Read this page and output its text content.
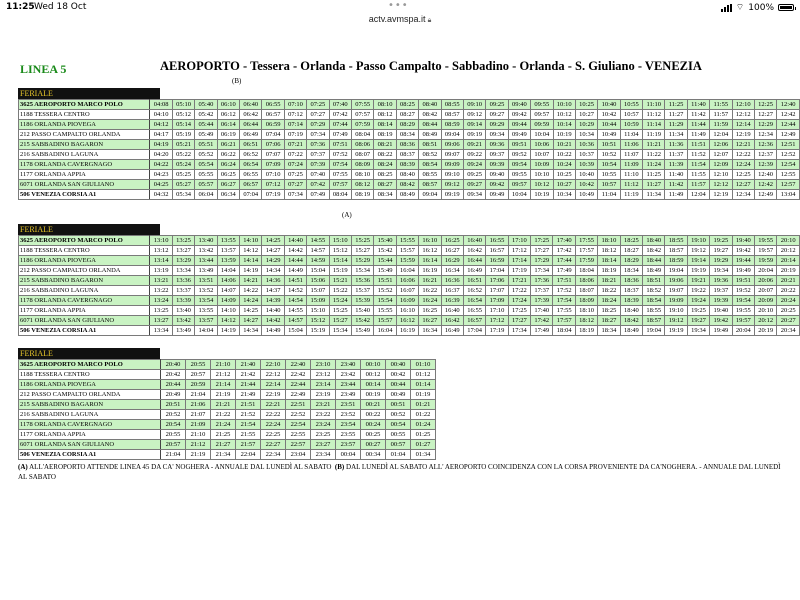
11:25 Wed 18 Oct	•••	⌔ 100%
actv.avmspa.it 🔒︎
LINEA 5	AEROPORTO - Tessera - Orlanda - Passo Campalto - Sabbadino - Orlanda - S. Giuliano - VENEZIA
(B)
(A)
FERIALE
3625 AEROPORTO MARCO POLO	04:08	05:10	05:40	06:10	06:40	06:55	07:10	07:25	07:40	07:55	08:10	08:25	08:40	08:55	09:10	09:25	09:40	09:55	10:10	10:25	10:40	10:55	11:10	11:25	11:40	11:55	12:10	12:25	12:40
1188 TESSERA CENTRO	04:10	05:12	05:42	06:12	06:42	06:57	07:12	07:27	07:42	07:57	08:12	08:27	08:42	08:57	09:12	09:27	09:42	09:57	10:12	10:27	10:42	10:57	11:12	11:27	11:42	11:57	12:12	12:27	12:42
1186 ORLANDA PIOVEGA	04:12	05:14	05:44	06:14	06:44	06:59	07:14	07:29	07:44	07:59	08:14	08:29	08:44	08:59	09:14	09:29	09:44	09:59	10:14	10:29	10:44	10:59	11:14	11:29	11:44	11:59	12:14	12:29	12:44
212 PASSO CAMPALTO ORLANDA	04:17	05:19	05:49	06:19	06:49	07:04	07:19	07:34	07:49	08:04	08:19	08:34	08:49	09:04	09:19	09:34	09:49	10:04	10:19	10:34	10:49	11:04	11:19	11:34	11:49	12:04	12:19	12:34	12:49
215 SABBADINO BAGARON	04:19	05:21	05:51	06:21	06:51	07:06	07:21	07:36	07:51	08:06	08:21	08:36	08:51	09:06	09:21	09:36	09:51	10:06	10:21	10:36	10:51	11:06	11:21	11:36	11:51	12:06	12:21	12:36	12:51
216 SABBADINO LAGUNA	04:20	05:22	05:52	06:22	06:52	07:07	07:22	07:37	07:52	08:07	08:22	08:37	08:52	09:07	09:22	09:37	09:52	10:07	10:22	10:37	10:52	11:07	11:22	11:37	11:52	12:07	12:22	12:37	12:52
1178 ORLANDA CAVERGNAGO	04:22	05:24	05:54	06:24	06:54	07:09	07:24	07:39	07:54	08:09	08:24	08:39	08:54	09:09	09:24	09:39	09:54	10:09	10:24	10:39	10:54	11:09	11:24	11:39	11:54	12:09	12:24	12:39	12:54
1177 ORLANDA APPIA	04:23	05:25	05:55	06:25	06:55	07:10	07:25	07:40	07:55	08:10	08:25	08:40	08:55	09:10	09:25	09:40	09:55	10:10	10:25	10:40	10:55	11:10	11:25	11:40	11:55	12:10	12:25	12:40	12:55
6071 ORLANDA SAN GIULIANO	04:25	05:27	05:57	06:27	06:57	07:12	07:27	07:42	07:57	08:12	08:27	08:42	08:57	09:12	09:27	09:42	09:57	10:12	10:27	10:42	10:57	11:12	11:27	11:42	11:57	12:12	12:27	12:42	12:57
506 VENEZIA CORSIA A1	04:32	05:34	06:04	06:34	07:04	07:19	07:34	07:49	08:04	08:19	08:34	08:49	09:04	09:19	09:34	09:49	10:04	10:19	10:34	10:49	11:04	11:19	11:34	11:49	12:04	12:19	12:34	12:49	13:04
FERIALE
3625 AEROPORTO MARCO POLO	13:10	13:25	13:40	13:55	14:10	14:25	14:40	14:55	15:10	15:25	15:40	15:55	16:10	16:25	16:40	16:55	17:10	17:25	17:40	17:55	18:10	18:25	18:40	18:55	19:10	19:25	19:40	19:55	20:10
1188 TESSERA CENTRO	13:12	13:27	13:42	13:57	14:12	14:27	14:42	14:57	15:12	15:27	15:42	15:57	16:12	16:27	16:42	16:57	17:12	17:27	17:42	17:57	18:12	18:27	18:42	18:57	19:12	19:27	19:42	19:57	20:12
1186 ORLANDA PIOVEGA	13:14	13:29	13:44	13:59	14:14	14:29	14:44	14:59	15:14	15:29	15:44	15:59	16:14	16:29	16:44	16:59	17:14	17:29	17:44	17:59	18:14	18:29	18:44	18:59	19:14	19:29	19:44	19:59	20:14
212 PASSO CAMPALTO ORLANDA	13:19	13:34	13:49	14:04	14:19	14:34	14:49	15:04	15:19	15:34	15:49	16:04	16:19	16:34	16:49	17:04	17:19	17:34	17:49	18:04	18:19	18:34	18:49	19:04	19:19	19:34	19:49	20:04	20:19
215 SABBADINO BAGARON	13:21	13:36	13:51	14:06	14:21	14:36	14:51	15:06	15:21	15:36	15:51	16:06	16:21	16:36	16:51	17:06	17:21	17:36	17:51	18:06	18:21	18:36	18:51	19:06	19:21	19:36	19:51	20:06	20:21
216 SABBADINO LAGUNA	13:22	13:37	13:52	14:07	14:22	14:37	14:52	15:07	15:22	15:37	15:52	16:07	16:22	16:37	16:52	17:07	17:22	17:37	17:52	18:07	18:22	18:37	18:52	19:07	19:22	19:37	19:52	20:07	20:22
1178 ORLANDA CAVERGNAGO	13:24	13:39	13:54	14:09	14:24	14:39	14:54	15:09	15:24	15:39	15:54	16:09	16:24	16:39	16:54	17:09	17:24	17:39	17:54	18:09	18:24	18:39	18:54	19:09	19:24	19:39	19:54	20:09	20:24
1177 ORLANDA APPIA	13:25	13:40	13:55	14:10	14:25	14:40	14:55	15:10	15:25	15:40	15:55	16:10	16:25	16:40	16:55	17:10	17:25	17:40	17:55	18:10	18:25	18:40	18:55	19:10	19:25	19:40	19:55	20:10	20:25
6071 ORLANDA SAN GIULIANO	13:27	13:42	13:57	14:12	14:27	14:42	14:57	15:12	15:27	15:42	15:57	16:12	16:27	16:42	16:57	17:12	17:27	17:42	17:57	18:12	18:27	18:42	18:57	19:12	19:27	19:42	19:57	20:12	20:27
506 VENEZIA CORSIA A1	13:34	13:49	14:04	14:19	14:34	14:49	15:04	15:19	15:34	15:49	16:04	16:19	16:34	16:49	17:04	17:19	17:34	17:49	18:04	18:19	18:34	18:49	19:04	19:19	19:34	19:49	20:04	20:19	20:34
FERIALE
3625 AEROPORTO MARCO POLO	20:40	20:55	21:10	21:40	22:10	22:40	23:10	23:40	00:10	00:40	01:10
1188 TESSERA CENTRO	20:42	20:57	21:12	21:42	22:12	22:42	23:12	23:42	00:12	00:42	01:12
1186 ORLANDA PIOVEGA	20:44	20:59	21:14	21:44	22:14	22:44	23:14	23:44	00:14	00:44	01:14
212 PASSO CAMPALTO ORLANDA	20:49	21:04	21:19	21:49	22:19	22:49	23:19	23:49	00:19	00:49	01:19
215 SABBADINO BAGARON	20:51	21:06	21:21	21:51	22:21	22:51	23:21	23:51	00:21	00:51	01:21
216 SABBADINO LAGUNA	20:52	21:07	21:22	21:52	22:22	22:52	23:22	23:52	00:22	00:52	01:22
1178 ORLANDA CAVERGNAGO	20:54	21:09	21:24	21:54	22:24	22:54	23:24	23:54	00:24	00:54	01:24
1177 ORLANDA APPIA	20:55	21:10	21:25	21:55	22:25	22:55	23:25	23:55	00:25	00:55	01:25
6071 ORLANDA SAN GIULIANO	20:57	21:12	21:27	21:57	22:27	22:57	23:27	23:57	00:27	00:57	01:27
506 VENEZIA CORSIA A1	21:04	21:19	21:34	22:04	22:34	23:04	23:34	00:04	00:34	01:04	01:34
(A) ALL'AEROPORTO ATTENDE LINEA 45 DA CA' NOGHERA - ANNUALE DAL LUNEDÌ AL SABATO (B) DAL LUNEDÌ AL SABATO ALL' AEROPORTO COINCIDENZA CON LA CORSA PROVENIENTE DA CA'NOGHERA. - ANNUALE DAL LUNEDÌ AL SABATO
